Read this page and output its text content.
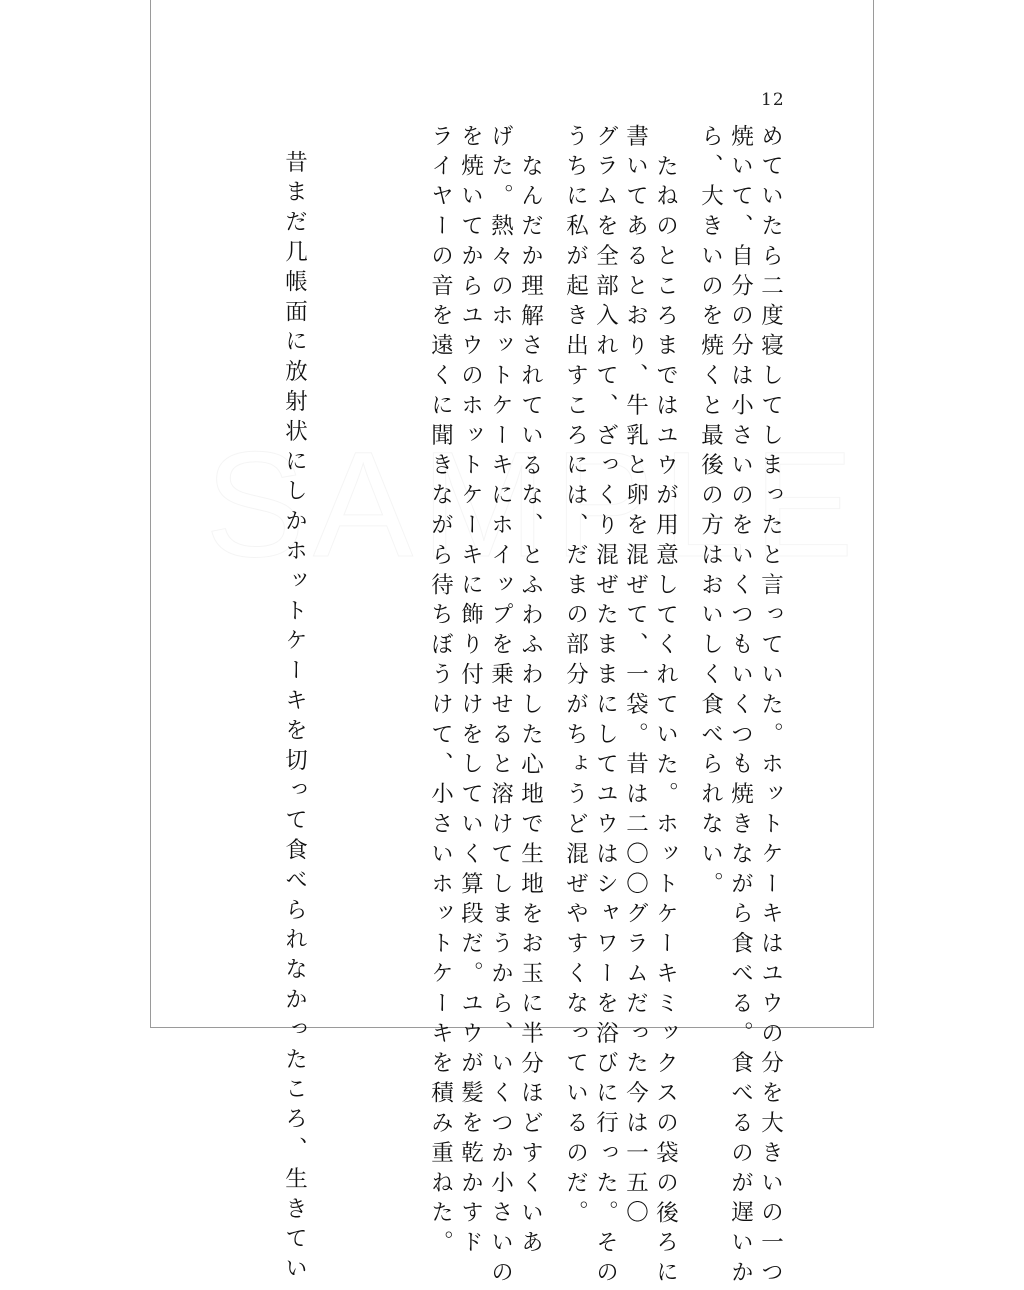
12
めていたら二度寝してしまったと言っていた。ホットケーキはユウの分を大きいの一つ
焼いて、自分の分は小さいのをいくつもいくつも焼きながら食べる。食べるのが遅いか
ら、大きいのを焼くと最後の方はおいしく食べられない。
たねのところまではユウが用意してくれていた。ホットケーキミックスの袋の後ろに
書いてあるとおり、牛乳と卵を混ぜて、一袋。昔は二〇〇グラムだった今は一五〇
グラムを全部入れて、ざっくり混ぜたままにしてユウはシャワーを浴びに行った。その
うちに私が起き出すころには、だまの部分がちょうど混ぜやすくなっているのだ。
なんだか理解されているな、とふわふわした心地で生地をお玉に半分ほどすくいあ
げた。熱々のホットケーキにホイップを乗せると溶けてしまうから、いくつか小さいの
を焼いてからユウのホットケーキに飾り付けをしていく算段だ。ユウが髪を乾かすド
ライヤーの音を遠くに聞きながら待ちぼうけて、小さいホットケーキを積み重ねた。
昔まだ几帳面に放射状にしかホットケーキを切って食べられなかったころ、生きてい
